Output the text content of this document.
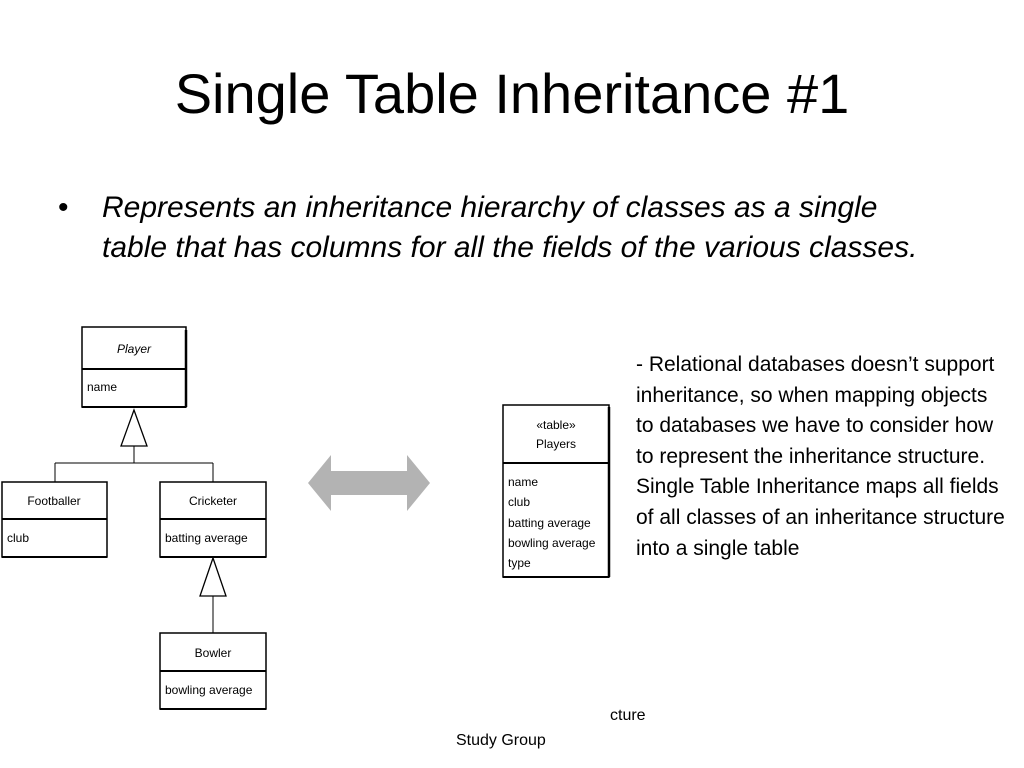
Single Table Inheritance #1
•	Represents an inheritance hierarchy of classes as a single table that has columns for all the fields of the various classes.
Player
name
Footballer
club
Cricketer
batting average
Bowler
bowling average
«table»
Players
name
club
batting average
bowling average
type
- Relational databases doesn’t support inheritance, so when mapping objects to databases we have to consider how to represent the inheritance structure. Single Table Inheritance maps all fields of all classes of an inheritance structure into a single table
cture
Study Group
